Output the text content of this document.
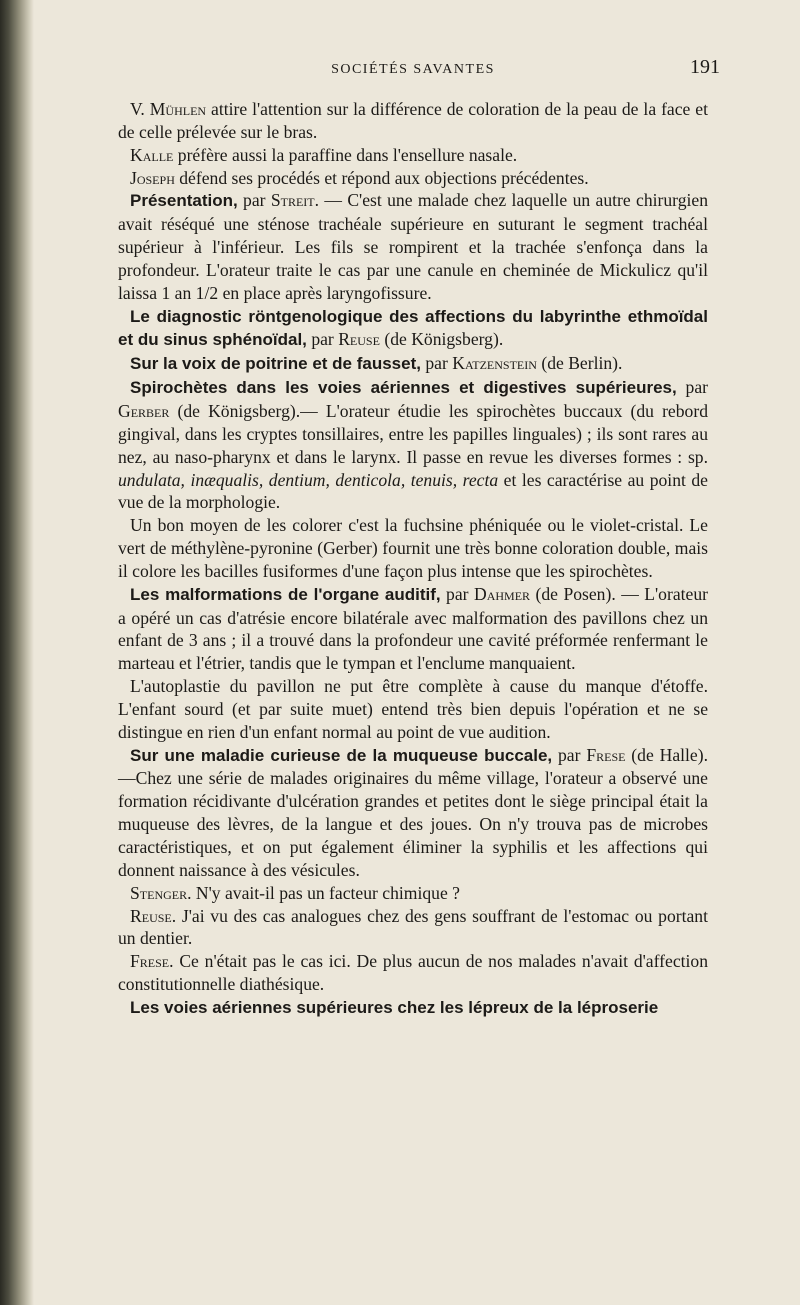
SOCIÉTÉS SAVANTES	191

V. Mühlen attire l'attention sur la différence de coloration de la peau de la face et de celle prélevée sur le bras.

Kalle préfère aussi la paraffine dans l'ensellure nasale.

Joseph défend ses procédés et répond aux objections précédentes.

Présentation, par Streit. — C'est une malade chez laquelle un autre chirurgien avait réséqué une sténose trachéale supérieure en suturant le segment trachéal supérieur à l'inférieur. Les fils se rompirent et la trachée s'enfonça dans la profondeur. L'orateur traite le cas par une canule en cheminée de Mickulicz qu'il laissa 1 an 1/2 en place après laryngofissure.

Le diagnostic röntgenologique des affections du labyrinthe ethmoïdal et du sinus sphénoïdal, par Reuse (de Königsberg).

Sur la voix de poitrine et de fausset, par Katzenstein (de Berlin).

Spirochètes dans les voies aériennes et digestives supérieures, par Gerber (de Königsberg).— L'orateur étudie les spirochètes buccaux (du rebord gingival, dans les cryptes tonsillaires, entre les papilles linguales) ; ils sont rares au nez, au naso-pharynx et dans le larynx. Il passe en revue les diverses formes : sp. undulata, inæqualis, dentium, denticola, tenuis, recta et les caractérise au point de vue de la morphologie.

Un bon moyen de les colorer c'est la fuchsine phéniquée ou le violet-cristal. Le vert de méthylène-pyronine (Gerber) fournit une très bonne coloration double, mais il colore les bacilles fusiformes d'une façon plus intense que les spirochètes.

Les malformations de l'organe auditif, par Dahmer (de Posen). — L'orateur a opéré un cas d'atrésie encore bilatérale avec malformation des pavillons chez un enfant de 3 ans ; il a trouvé dans la profondeur une cavité préformée renfermant le marteau et l'étrier, tandis que le tympan et l'enclume manquaient.

L'autoplastie du pavillon ne put être complète à cause du manque d'étoffe. L'enfant sourd (et par suite muet) entend très bien depuis l'opération et ne se distingue en rien d'un enfant normal au point de vue audition.

Sur une maladie curieuse de la muqueuse buccale, par Frese (de Halle).—Chez une série de malades originaires du même village, l'orateur a observé une formation récidivante d'ulcération grandes et petites dont le siège principal était la muqueuse des lèvres, de la langue et des joues. On n'y trouva pas de microbes caractéristiques, et on put également éliminer la syphilis et les affections qui donnent naissance à des vésicules.

Stenger. N'y avait-il pas un facteur chimique ?

Reuse. J'ai vu des cas analogues chez des gens souffrant de l'estomac ou portant un dentier.

Frese. Ce n'était pas le cas ici. De plus aucun de nos malades n'avait d'affection constitutionnelle diathésique.

Les voies aériennes supérieures chez les lépreux de la léproserie
